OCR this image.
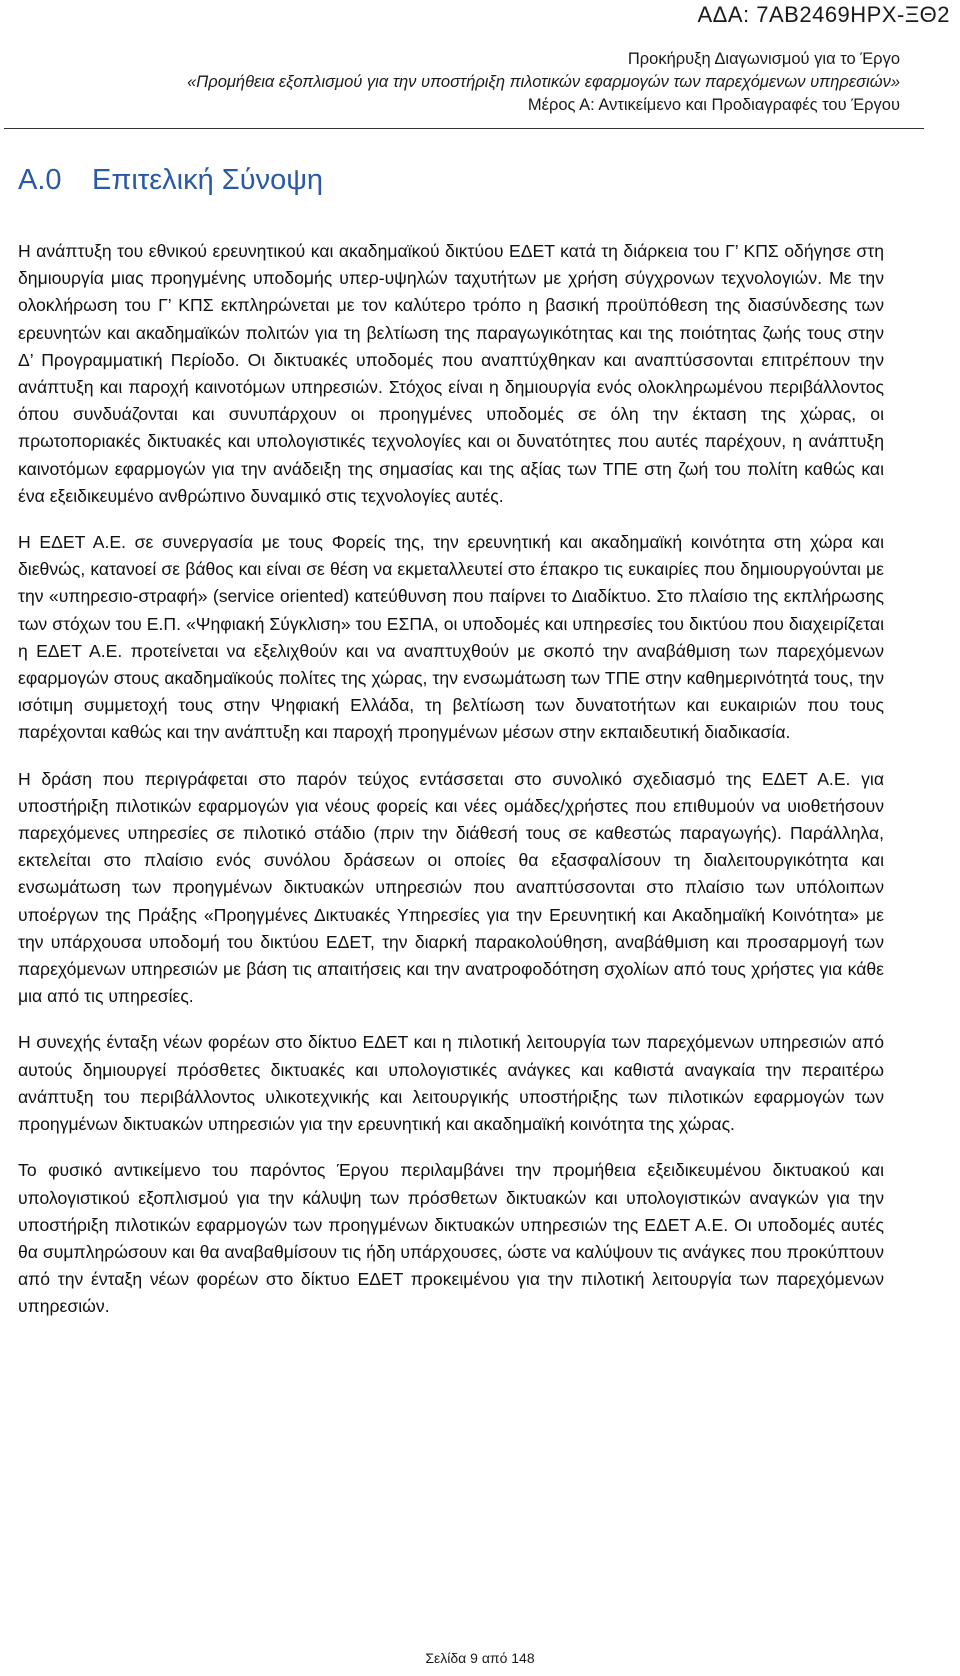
ΑΔΑ: 7ΑΒ2469ΗΡΧ-ΞΘ2
Προκήρυξη Διαγωνισμού για το Έργο
«Προμήθεια εξοπλισμού για την υποστήριξη πιλοτικών εφαρμογών των παρεχόμενων υπηρεσιών»
Μέρος Α: Αντικείμενο και Προδιαγραφές του Έργου
A.0 Επιτελική Σύνοψη

Η ανάπτυξη του εθνικού ερευνητικού και ακαδημαϊκού δικτύου ΕΔΕΤ κατά τη διάρκεια του Γ’ ΚΠΣ οδήγησε στη δημιουργία μιας προηγμένης υποδομής υπερ-υψηλών ταχυτήτων με χρήση σύγχρονων τεχνολογιών. Με την ολοκλήρωση του Γ’ ΚΠΣ εκπληρώνεται με τον καλύτερο τρόπο η βασική προϋπόθεση της διασύνδεσης των ερευνητών και ακαδημαϊκών πολιτών για τη βελτίωση της παραγωγικότητας και της ποιότητας ζωής τους στην Δ’ Προγραμματική Περίοδο. Οι δικτυακές υποδομές που αναπτύχθηκαν και αναπτύσσονται επιτρέπουν την ανάπτυξη και παροχή καινοτόμων υπηρεσιών. Στόχος είναι η δημιουργία ενός ολοκληρωμένου περιβάλλοντος όπου συνδυάζονται και συνυπάρχουν οι προηγμένες υποδομές σε όλη την έκταση της χώρας, οι πρωτοποριακές δικτυακές και υπολογιστικές τεχνολογίες και οι δυνατότητες που αυτές παρέχουν, η ανάπτυξη καινοτόμων εφαρμογών για την ανάδειξη της σημασίας και της αξίας των ΤΠΕ στη ζωή του πολίτη καθώς και ένα εξειδικευμένο ανθρώπινο δυναμικό στις τεχνολογίες αυτές.

Η ΕΔΕΤ Α.Ε. σε συνεργασία με τους Φορείς της, την ερευνητική και ακαδημαϊκή κοινότητα στη χώρα και διεθνώς, κατανοεί σε βάθος και είναι σε θέση να εκμεταλλευτεί στο έπακρο τις ευκαιρίες που δημιουργούνται με την «υπηρεσιο-στραφή» (service oriented) κατεύθυνση που παίρνει το Διαδίκτυο. Στο πλαίσιο της εκπλήρωσης των στόχων του Ε.Π. «Ψηφιακή Σύγκλιση» του ΕΣΠΑ, οι υποδομές και υπηρεσίες του δικτύου που διαχειρίζεται η ΕΔΕΤ Α.Ε. προτείνεται να εξελιχθούν και να αναπτυχθούν με σκοπό την αναβάθμιση των παρεχόμενων εφαρμογών στους ακαδημαϊκούς πολίτες της χώρας, την ενσωμάτωση των ΤΠΕ στην καθημερινότητά τους, την ισότιμη συμμετοχή τους στην Ψηφιακή Ελλάδα, τη βελτίωση των δυνατοτήτων και ευκαιριών που τους παρέχονται καθώς και την ανάπτυξη και παροχή προηγμένων μέσων στην εκπαιδευτική διαδικασία.

Η δράση που περιγράφεται στο παρόν τεύχος εντάσσεται στο συνολικό σχεδιασμό της ΕΔΕΤ Α.Ε. για υποστήριξη πιλοτικών εφαρμογών για νέους φορείς και νέες ομάδες/χρήστες που επιθυμούν να υιοθετήσουν παρεχόμενες υπηρεσίες σε πιλοτικό στάδιο (πριν την διάθεσή τους σε καθεστώς παραγωγής). Παράλληλα, εκτελείται στο πλαίσιο ενός συνόλου δράσεων οι οποίες θα εξασφαλίσουν τη διαλειτουργικότητα και ενσωμάτωση των προηγμένων δικτυακών υπηρεσιών που αναπτύσσονται στο πλαίσιο των υπόλοιπων υποέργων της Πράξης «Προηγμένες Δικτυακές Υπηρεσίες για την Ερευνητική και Ακαδημαϊκή Κοινότητα» με την υπάρχουσα υποδομή του δικτύου ΕΔΕΤ, την διαρκή παρακολούθηση, αναβάθμιση και προσαρμογή των παρεχόμενων υπηρεσιών με βάση τις απαιτήσεις και την ανατροφοδότηση σχολίων από τους χρήστες για κάθε μια από τις υπηρεσίες.

Η συνεχής ένταξη νέων φορέων στο δίκτυο ΕΔΕΤ και η πιλοτική λειτουργία των παρεχόμενων υπηρεσιών από αυτούς δημιουργεί πρόσθετες δικτυακές και υπολογιστικές ανάγκες και καθιστά αναγκαία την περαιτέρω ανάπτυξη του περιβάλλοντος υλικοτεχνικής και λειτουργικής υποστήριξης των πιλοτικών εφαρμογών των προηγμένων δικτυακών υπηρεσιών για την ερευνητική και ακαδημαϊκή κοινότητα της χώρας.

Το φυσικό αντικείμενο του παρόντος Έργου περιλαμβάνει την προμήθεια εξειδικευμένου δικτυακού και υπολογιστικού εξοπλισμού για την κάλυψη των πρόσθετων δικτυακών και υπολογιστικών αναγκών για την υποστήριξη πιλοτικών εφαρμογών των προηγμένων δικτυακών υπηρεσιών της ΕΔΕΤ Α.Ε. Οι υποδομές αυτές θα συμπληρώσουν και θα αναβαθμίσουν τις ήδη υπάρχουσες, ώστε να καλύψουν τις ανάγκες που προκύπτουν από την ένταξη νέων φορέων στο δίκτυο ΕΔΕΤ προκειμένου για την πιλοτική λειτουργία των παρεχόμενων υπηρεσιών.

Σελίδα 9 από 148
